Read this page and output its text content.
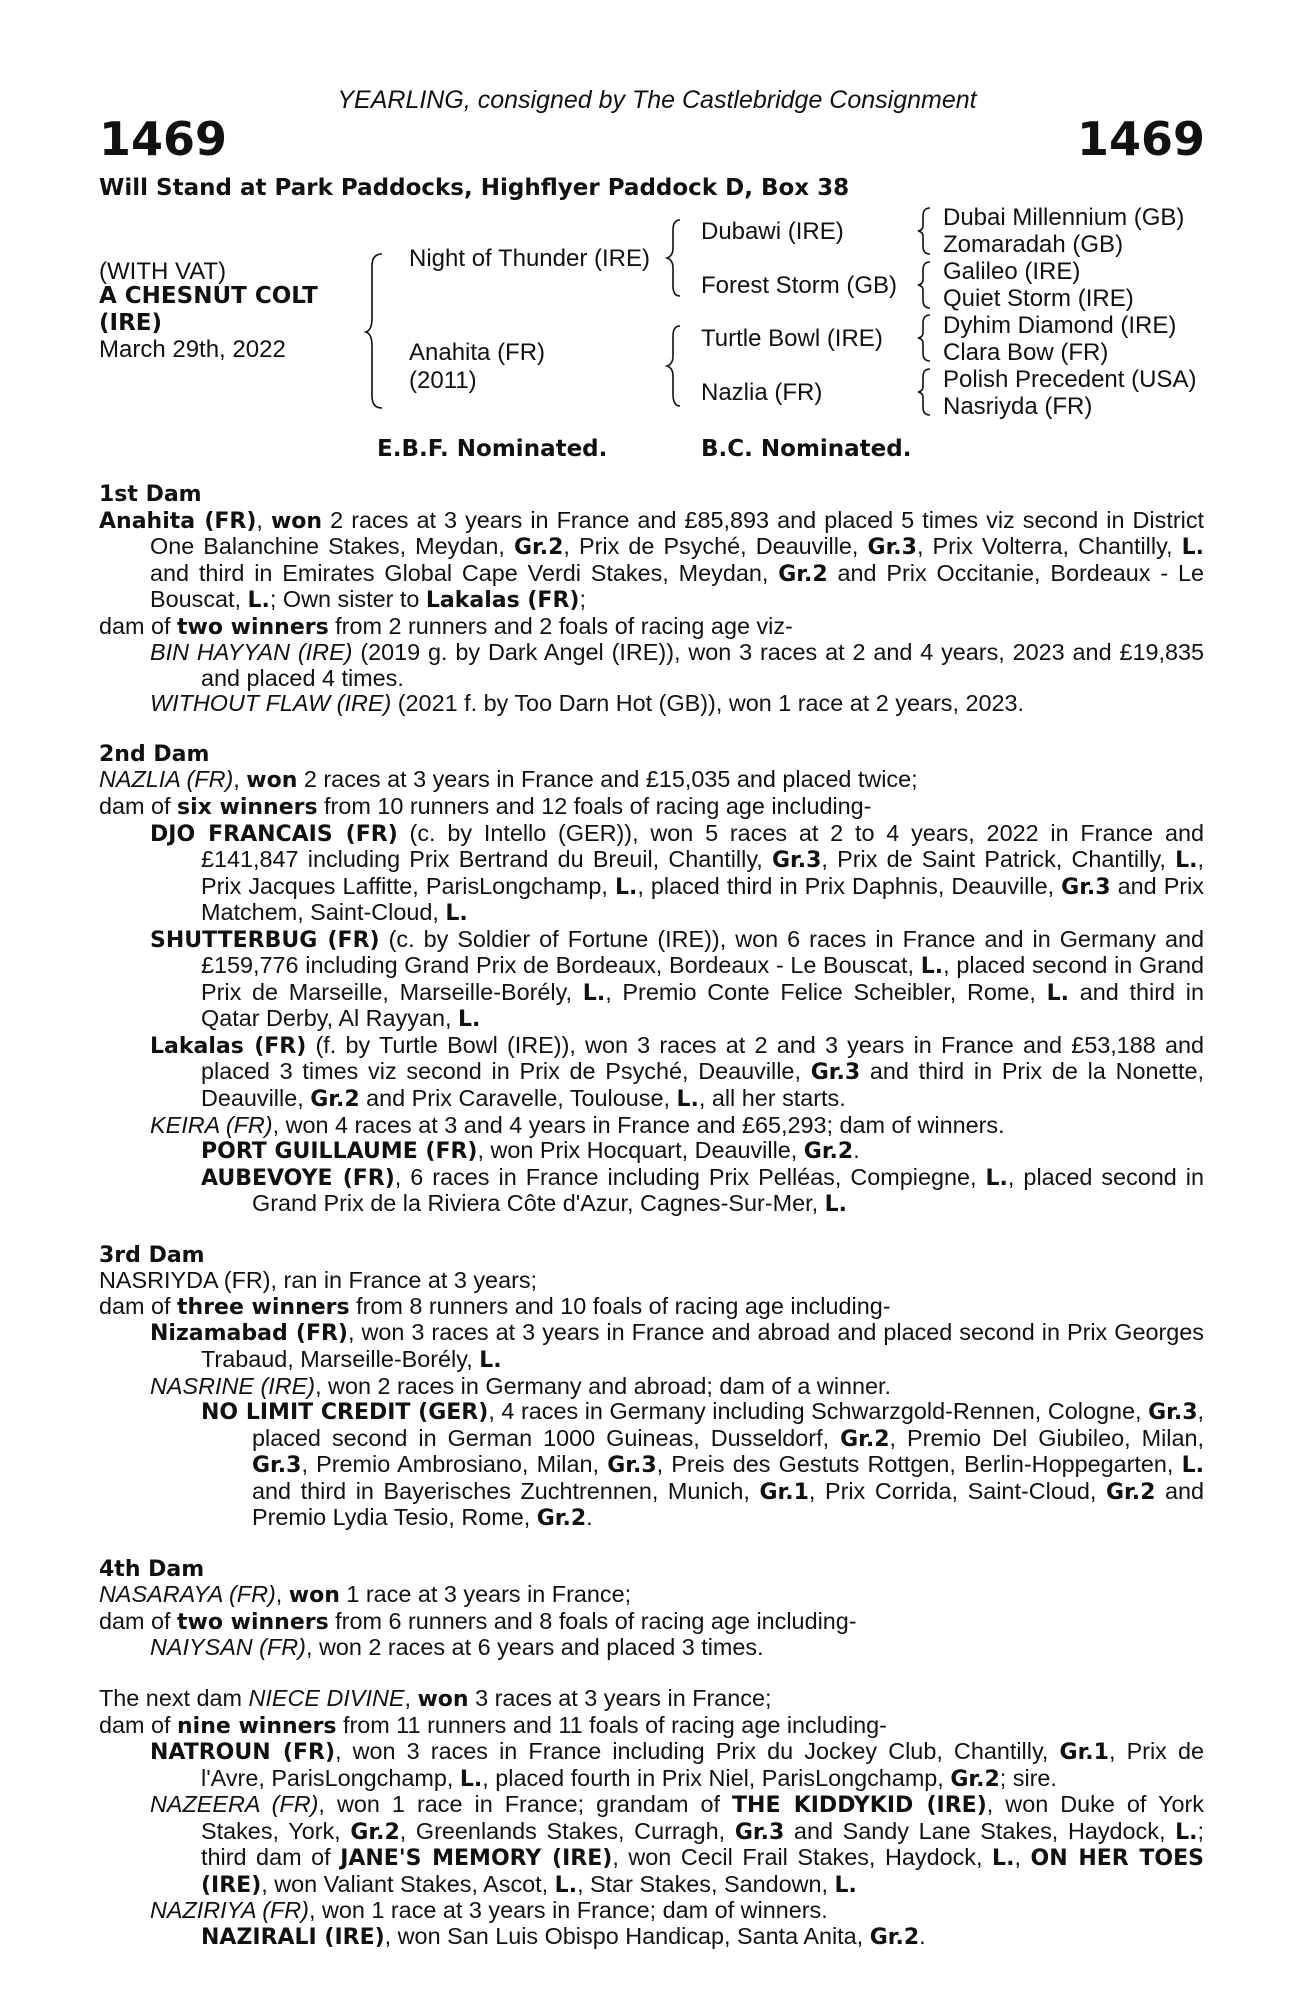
YEARLING, consigned by The Castlebridge Consignment
1469	1469
Will Stand at Park Paddocks, Highflyer Paddock D, Box 38
(WITH VAT)
A CHESNUT COLT
(IRE)
March 29th, 2022
Night of Thunder (IRE)
Anahita (FR)
(2011)
Dubawi (IRE)
Forest Storm (GB)
Turtle Bowl (IRE)
Nazlia (FR)
Dubai Millennium (GB)
Zomaradah (GB)
Galileo (IRE)
Quiet Storm (IRE)
Dyhim Diamond (IRE)
Clara Bow (FR)
Polish Precedent (USA)
Nasriyda (FR)
E.B.F. Nominated.	B.C. Nominated.
1st Dam
Anahita (FR), won 2 races at 3 years in France and £85,893 and placed 5 times viz second in District One Balanchine Stakes, Meydan, Gr.2, Prix de Psyché, Deauville, Gr.3, Prix Volterra, Chantilly, L. and third in Emirates Global Cape Verdi Stakes, Meydan, Gr.2 and Prix Occitanie, Bordeaux - Le Bouscat, L.; Own sister to Lakalas (FR);
dam of two winners from 2 runners and 2 foals of racing age viz-
BIN HAYYAN (IRE) (2019 g. by Dark Angel (IRE)), won 3 races at 2 and 4 years, 2023 and £19,835 and placed 4 times.
WITHOUT FLAW (IRE) (2021 f. by Too Darn Hot (GB)), won 1 race at 2 years, 2023.
2nd Dam
NAZLIA (FR), won 2 races at 3 years in France and £15,035 and placed twice;
dam of six winners from 10 runners and 12 foals of racing age including-
DJO FRANCAIS (FR) (c. by Intello (GER)), won 5 races at 2 to 4 years, 2022 in France and £141,847 including Prix Bertrand du Breuil, Chantilly, Gr.3, Prix de Saint Patrick, Chantilly, L., Prix Jacques Laffitte, ParisLongchamp, L., placed third in Prix Daphnis, Deauville, Gr.3 and Prix Matchem, Saint-Cloud, L.
SHUTTERBUG (FR) (c. by Soldier of Fortune (IRE)), won 6 races in France and in Germany and £159,776 including Grand Prix de Bordeaux, Bordeaux - Le Bouscat, L., placed second in Grand Prix de Marseille, Marseille-Borély, L., Premio Conte Felice Scheibler, Rome, L. and third in Qatar Derby, Al Rayyan, L.
Lakalas (FR) (f. by Turtle Bowl (IRE)), won 3 races at 2 and 3 years in France and £53,188 and placed 3 times viz second in Prix de Psyché, Deauville, Gr.3 and third in Prix de la Nonette, Deauville, Gr.2 and Prix Caravelle, Toulouse, L., all her starts.
KEIRA (FR), won 4 races at 3 and 4 years in France and £65,293; dam of winners.
PORT GUILLAUME (FR), won Prix Hocquart, Deauville, Gr.2.
AUBEVOYE (FR), 6 races in France including Prix Pelléas, Compiegne, L., placed second in Grand Prix de la Riviera Côte d'Azur, Cagnes-Sur-Mer, L.
3rd Dam
NASRIYDA (FR), ran in France at 3 years;
dam of three winners from 8 runners and 10 foals of racing age including-
Nizamabad (FR), won 3 races at 3 years in France and abroad and placed second in Prix Georges Trabaud, Marseille-Borély, L.
NASRINE (IRE), won 2 races in Germany and abroad; dam of a winner.
NO LIMIT CREDIT (GER), 4 races in Germany including Schwarzgold-Rennen, Cologne, Gr.3, placed second in German 1000 Guineas, Dusseldorf, Gr.2, Premio Del Giubileo, Milan, Gr.3, Premio Ambrosiano, Milan, Gr.3, Preis des Gestuts Rottgen, Berlin-Hoppegarten, L. and third in Bayerisches Zuchtrennen, Munich, Gr.1, Prix Corrida, Saint-Cloud, Gr.2 and Premio Lydia Tesio, Rome, Gr.2.
4th Dam
NASARAYA (FR), won 1 race at 3 years in France;
dam of two winners from 6 runners and 8 foals of racing age including-
NAIYSAN (FR), won 2 races at 6 years and placed 3 times.
The next dam NIECE DIVINE, won 3 races at 3 years in France;
dam of nine winners from 11 runners and 11 foals of racing age including-
NATROUN (FR), won 3 races in France including Prix du Jockey Club, Chantilly, Gr.1, Prix de l'Avre, ParisLongchamp, L., placed fourth in Prix Niel, ParisLongchamp, Gr.2; sire.
NAZEERA (FR), won 1 race in France; grandam of THE KIDDYKID (IRE), won Duke of York Stakes, York, Gr.2, Greenlands Stakes, Curragh, Gr.3 and Sandy Lane Stakes, Haydock, L.; third dam of JANE'S MEMORY (IRE), won Cecil Frail Stakes, Haydock, L., ON HER TOES (IRE), won Valiant Stakes, Ascot, L., Star Stakes, Sandown, L.
NAZIRIYA (FR), won 1 race at 3 years in France; dam of winners.
NAZIRALI (IRE), won San Luis Obispo Handicap, Santa Anita, Gr.2.
